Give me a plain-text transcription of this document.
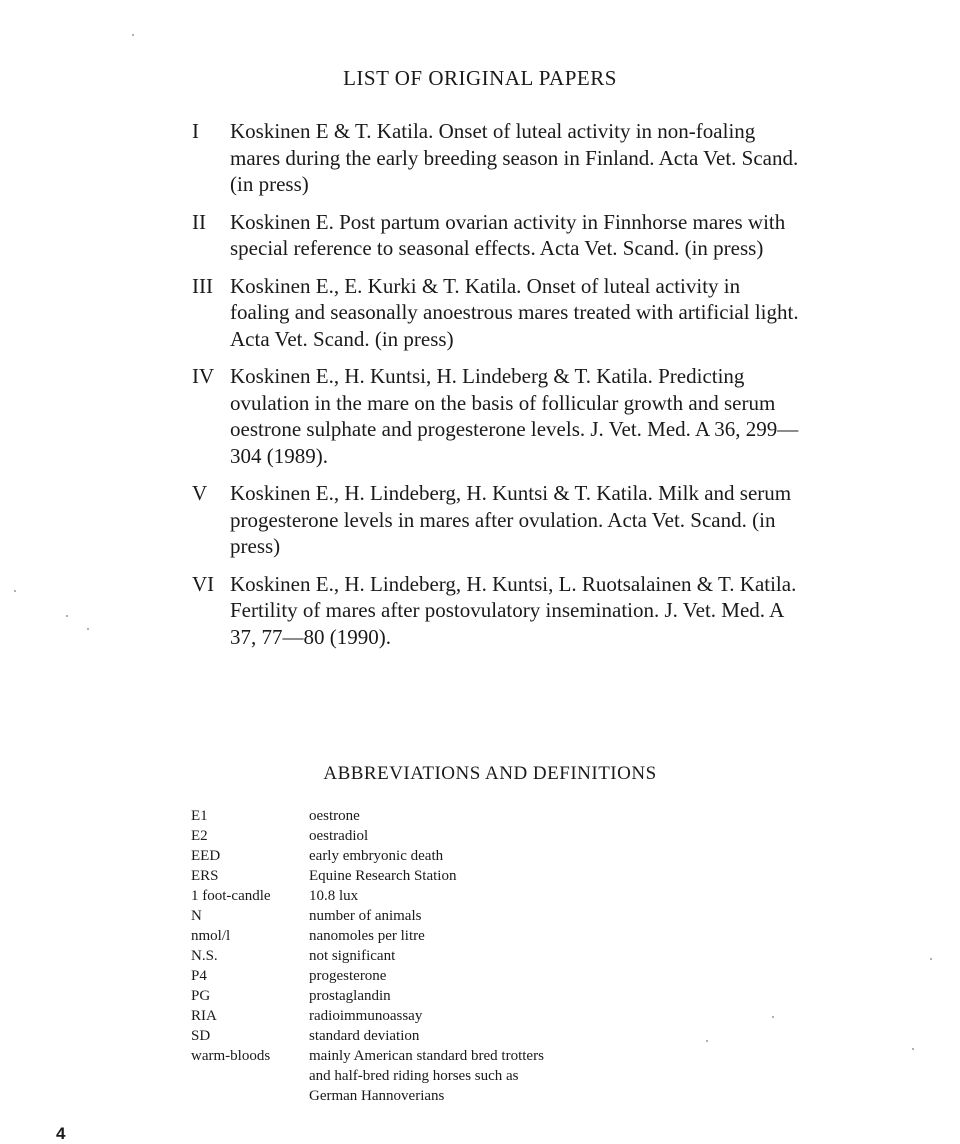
LIST OF ORIGINAL PAPERS
I	Koskinen E & T. Katila. Onset of luteal activity in non-foaling mares during the early breeding season in Finland. Acta Vet. Scand. (in press)
II	Koskinen E. Post partum ovarian activity in Finnhorse mares with special reference to seasonal effects. Acta Vet. Scand. (in press)
III Koskinen E., E. Kurki & T. Katila. Onset of luteal activity in foaling and seasonally anoestrous mares treated with artificial light. Acta Vet. Scand. (in press)
IV Koskinen E., H. Kuntsi, H. Lindeberg & T. Katila. Predicting ovulation in the mare on the basis of follicular growth and serum oestrone sulphate and progesterone levels. J. Vet. Med. A 36, 299—304 (1989).
V	Koskinen E., H. Lindeberg, H. Kuntsi & T. Katila. Milk and serum progesterone levels in mares after ovulation. Acta Vet. Scand. (in press)
VI Koskinen E., H. Lindeberg, H. Kuntsi, L. Ruotsalainen & T. Katila. Fertility of mares after postovulatory insemination. J. Vet. Med. A 37, 77—80 (1990).
ABBREVIATIONS AND DEFINITIONS
E1	oestrone
E2	oestradiol
EED	early embryonic death
ERS	Equine Research Station
1 foot-candle	10.8 lux
N	number of animals
nmol/l	nanomoles per litre
N.S.	not significant
P4	progesterone
PG	prostaglandin
RIA	radioimmunoassay
SD	standard deviation
warm-bloods	mainly American standard bred trotters
	and half-bred riding horses such as
	German Hannoverians
4
